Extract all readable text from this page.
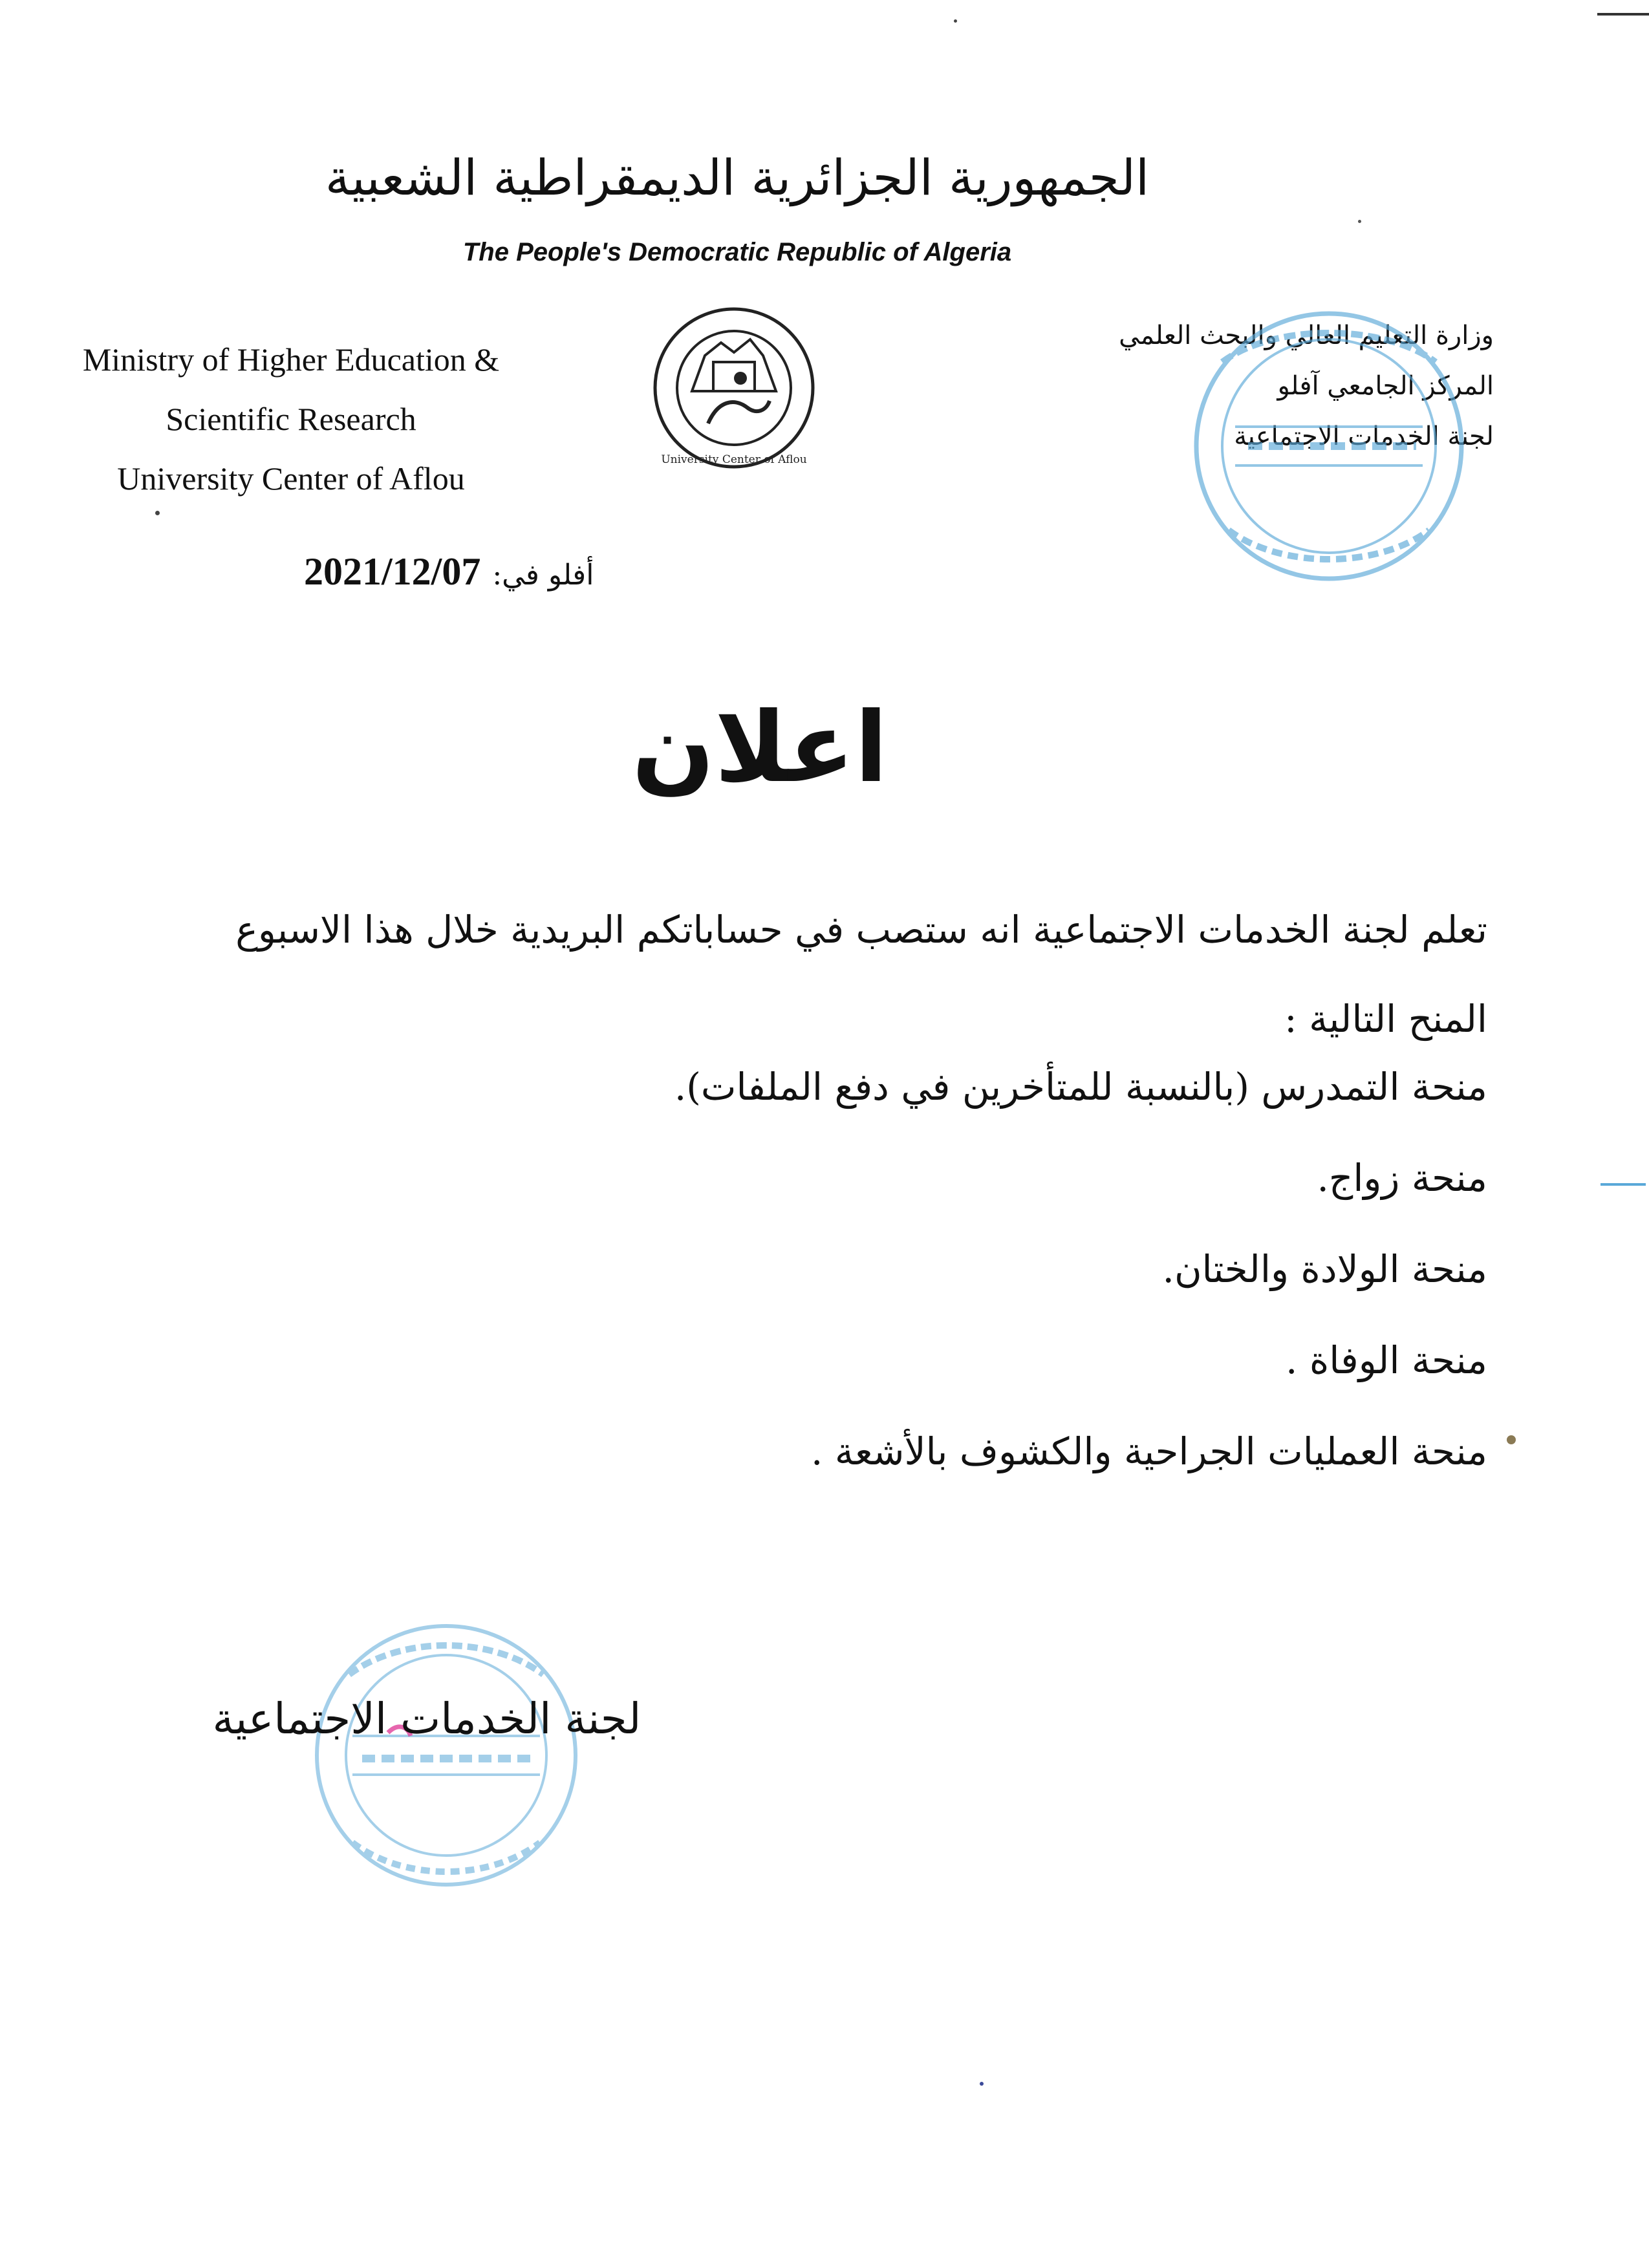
الجمهورية الجزائرية الديمقراطية الشعبية
The People's Democratic Republic of Algeria
Ministry of Higher Education &
Scientific Research
University Center of Aflou
University Center of Aflou
وزارة التعليم العالي والبحث العلمي
المركز الجامعي آفلو
لجنة الخدمات الاجتماعية
أفلو في: 2021/12/07
اعلان
تعلم لجنة الخدمات الاجتماعية انه ستصب في حساباتكم البريدية خلال هذا الاسبوع
المنح التالية :
منحة التمدرس (بالنسبة للمتأخرين في دفع الملفات).
منحة زواج.
منحة الولادة والختان.
منحة الوفاة .
منحة العمليات الجراحية والكشوف بالأشعة .
لجنة الخدمات الاجتماعية
